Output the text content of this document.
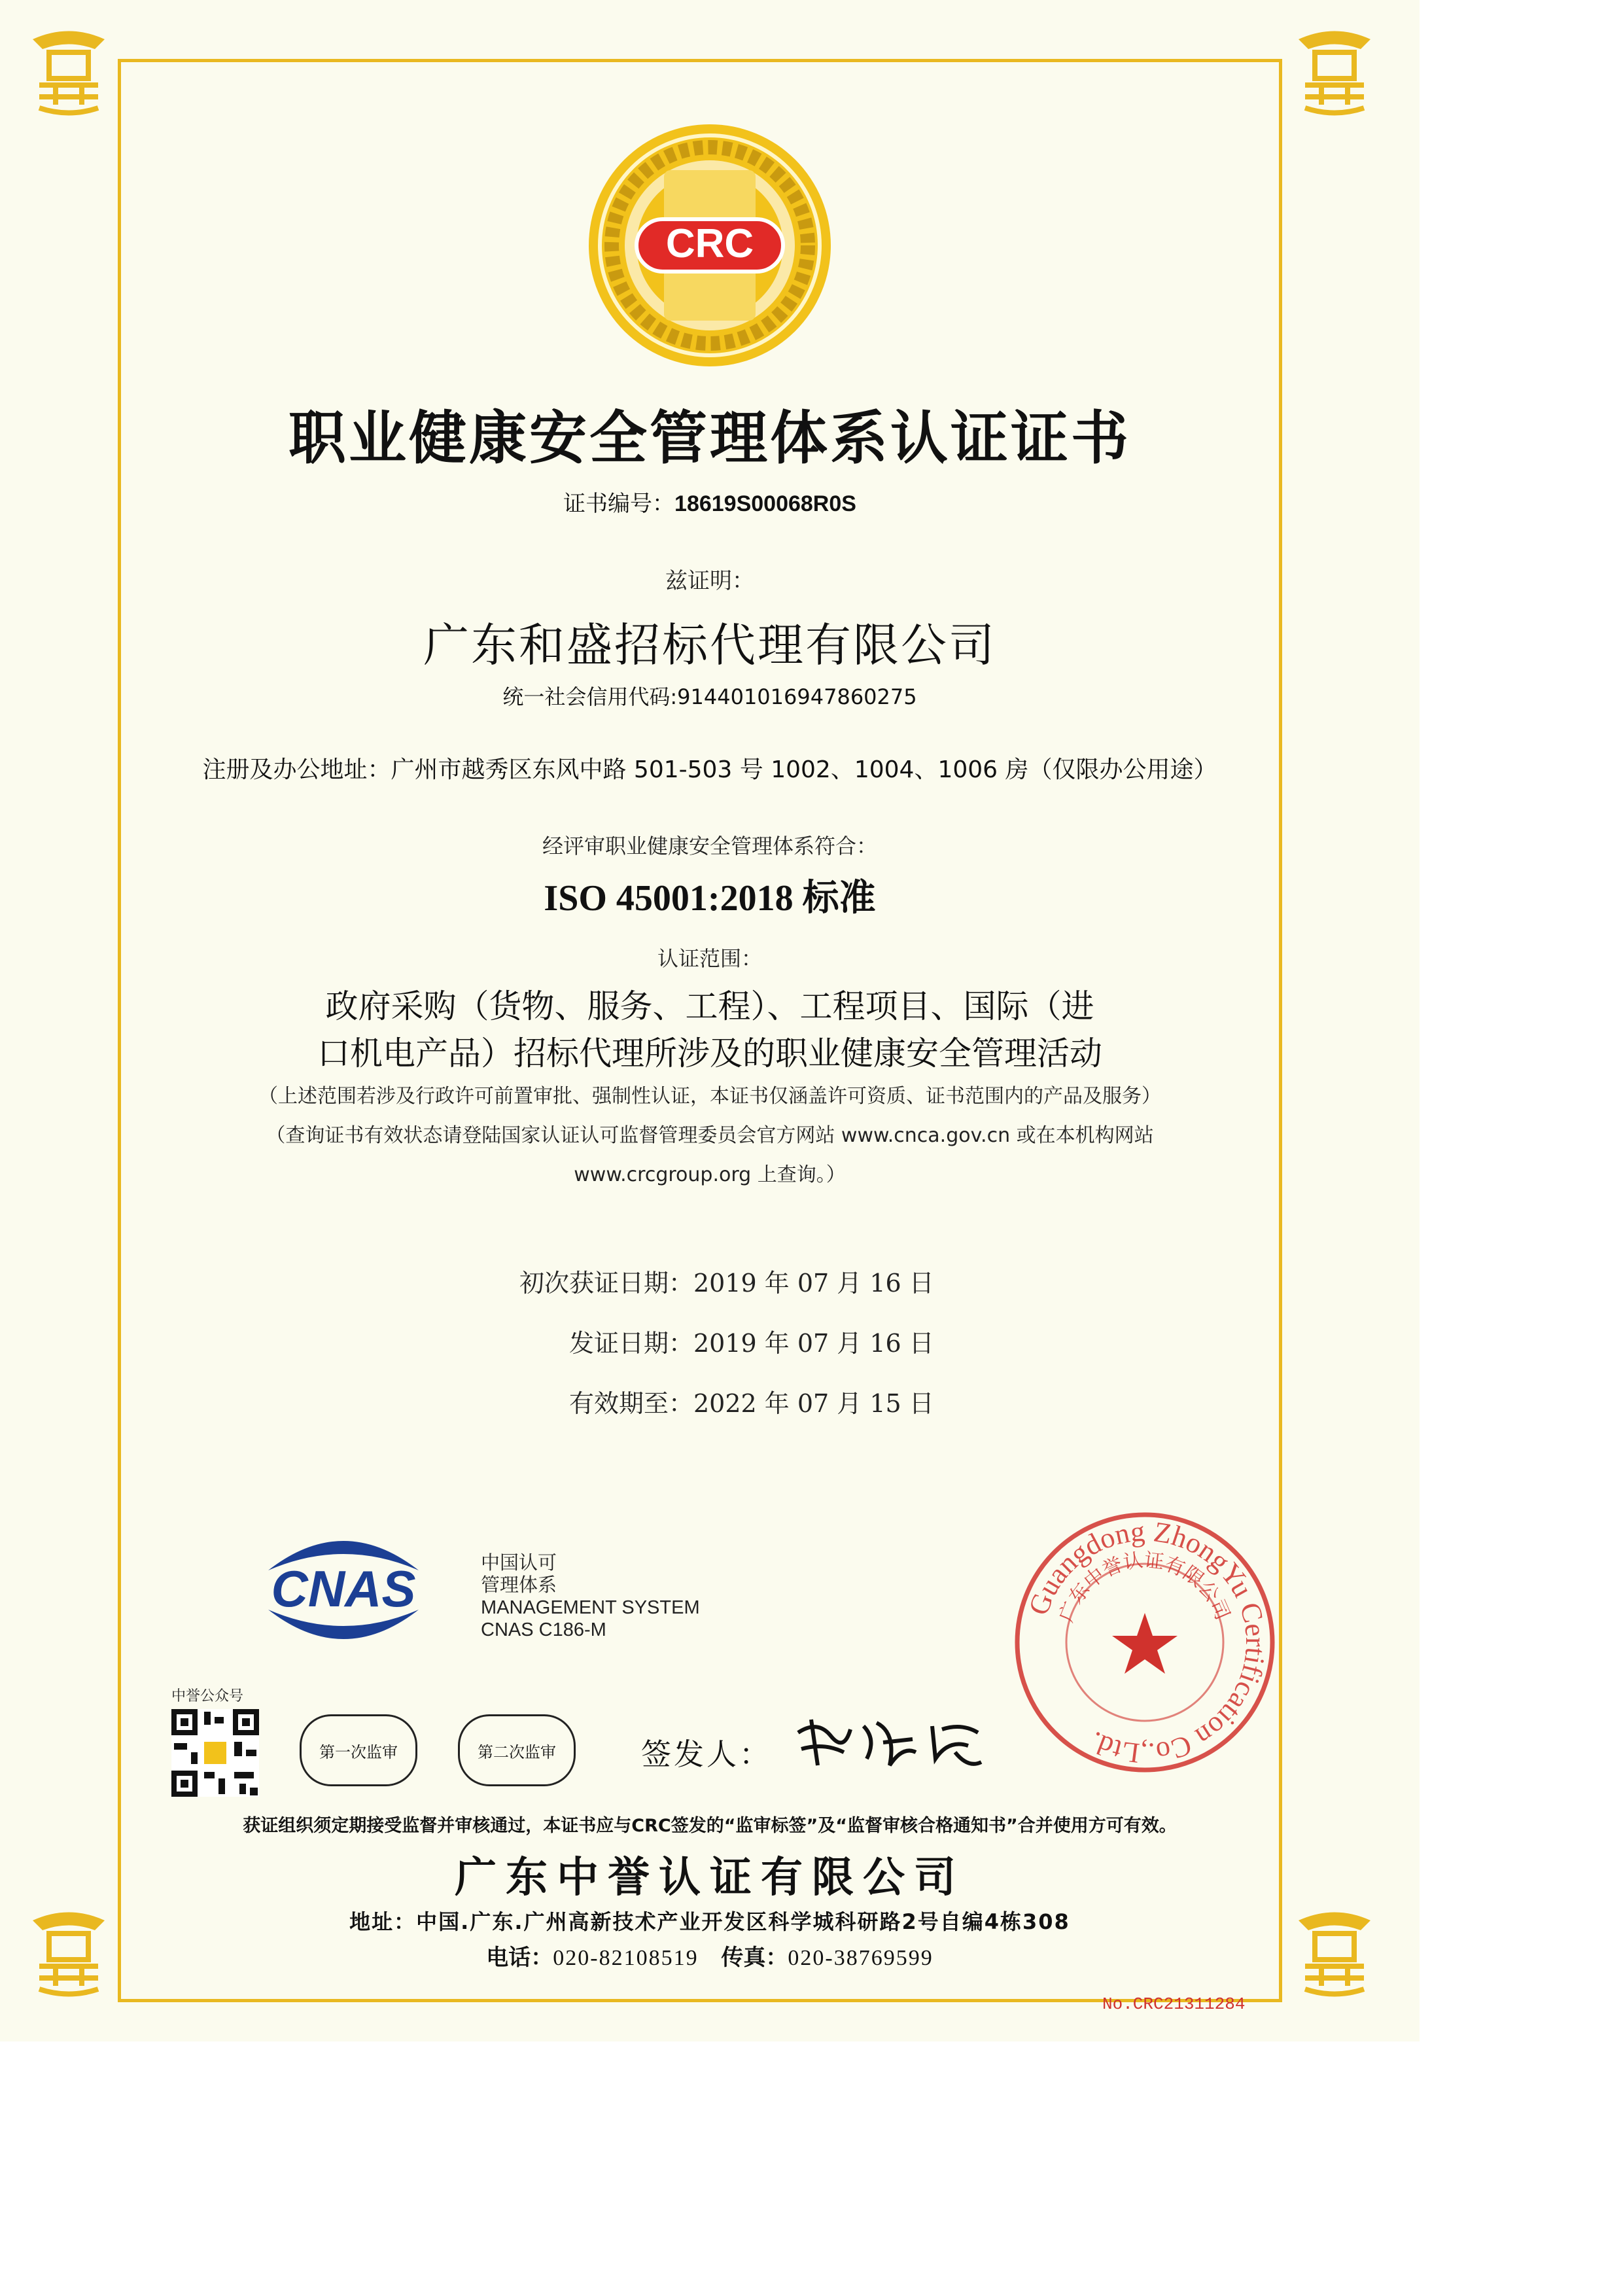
CRC
职业健康安全管理体系认证证书
证书编号：18619S00068R0S
兹证明：
广东和盛招标代理有限公司
统一社会信用代码:914401016947860275
注册及办公地址：广州市越秀区东风中路 501-503 号 1002、1004、1006 房（仅限办公用途）
经评审职业健康安全管理体系符合：
ISO 45001:2018 标准
认证范围：
政府采购（货物、服务、工程）、工程项目、国际（进
口机电产品）招标代理所涉及的职业健康安全管理活动
（上述范围若涉及行政许可前置审批、强制性认证，本证书仅涵盖许可资质、证书范围内的产品及服务）
（查询证书有效状态请登陆国家认证认可监督管理委员会官方网站 www.cnca.gov.cn 或在本机构网站
www.crcgroup.org 上查询。）
初次获证日期：2019 年 07 月 16 日
发证日期：2019 年 07 月 16 日
有效期至：2022 年 07 月 15 日
CNAS	中国认可
管理体系
MANAGEMENT SYSTEM
CNAS C186-M
中誉公众号
第一次监审	第二次监审	签发人：
Guangdong ZhongYu Certification Co.,Ltd.
广东中誉认证有限公司
获证组织须定期接受监督并审核通过，本证书应与CRC签发的“监审标签”及“监督审核合格通知书”合并使用方可有效。
广东中誉认证有限公司
地址：中国.广东.广州高新技术产业开发区科学城科研路2号自编4栋308
电话：020-82108519 传真：020-38769599
No.CRC21311284
